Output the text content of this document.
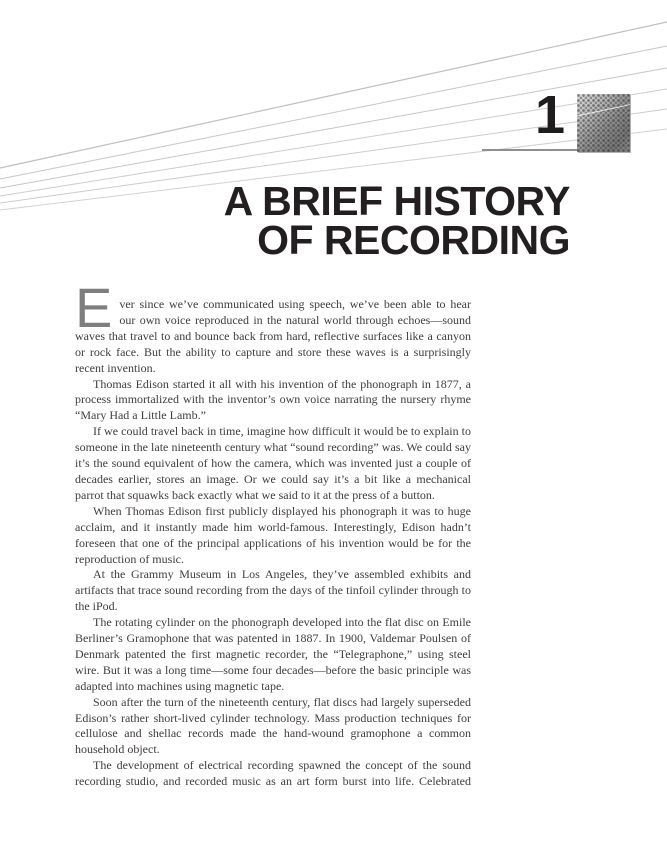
1
A BRIEF HISTORY
OF RECORDING

Ever since we’ve communicated using speech, we’ve been able to hear our own voice reproduced in the natural world through echoes—sound waves that travel to and bounce back from hard, reflective surfaces like a canyon or rock face. But the ability to capture and store these waves is a surprisingly recent invention.

Thomas Edison started it all with his invention of the phonograph in 1877, a process immortalized with the inventor’s own voice narrating the nursery rhyme “Mary Had a Little Lamb.”

If we could travel back in time, imagine how difficult it would be to explain to someone in the late nineteenth century what “sound recording” was. We could say it’s the sound equivalent of how the camera, which was invented just a couple of decades earlier, stores an image. Or we could say it’s a bit like a mechanical parrot that squawks back exactly what we said to it at the press of a button.

When Thomas Edison first publicly displayed his phonograph it was to huge acclaim, and it instantly made him world-famous. Interestingly, Edison hadn’t foreseen that one of the principal applications of his invention would be for the reproduction of music.

At the Grammy Museum in Los Angeles, they’ve assembled exhibits and artifacts that trace sound recording from the days of the tinfoil cylinder through to the iPod.

The rotating cylinder on the phonograph developed into the flat disc on Emile Berliner’s Gramophone that was patented in 1887. In 1900, Valdemar Poulsen of Denmark patented the first magnetic recorder, the “Telegraphone,” using steel wire. But it was a long time—some four decades—before the basic principle was adapted into machines using magnetic tape.

Soon after the turn of the nineteenth century, flat discs had largely superseded Edison’s rather short-lived cylinder technology. Mass production techniques for cellulose and shellac records made the hand-wound gramophone a common household object.

The development of electrical recording spawned the concept of the sound recording studio, and recorded music as an art form burst into life. Celebrated
